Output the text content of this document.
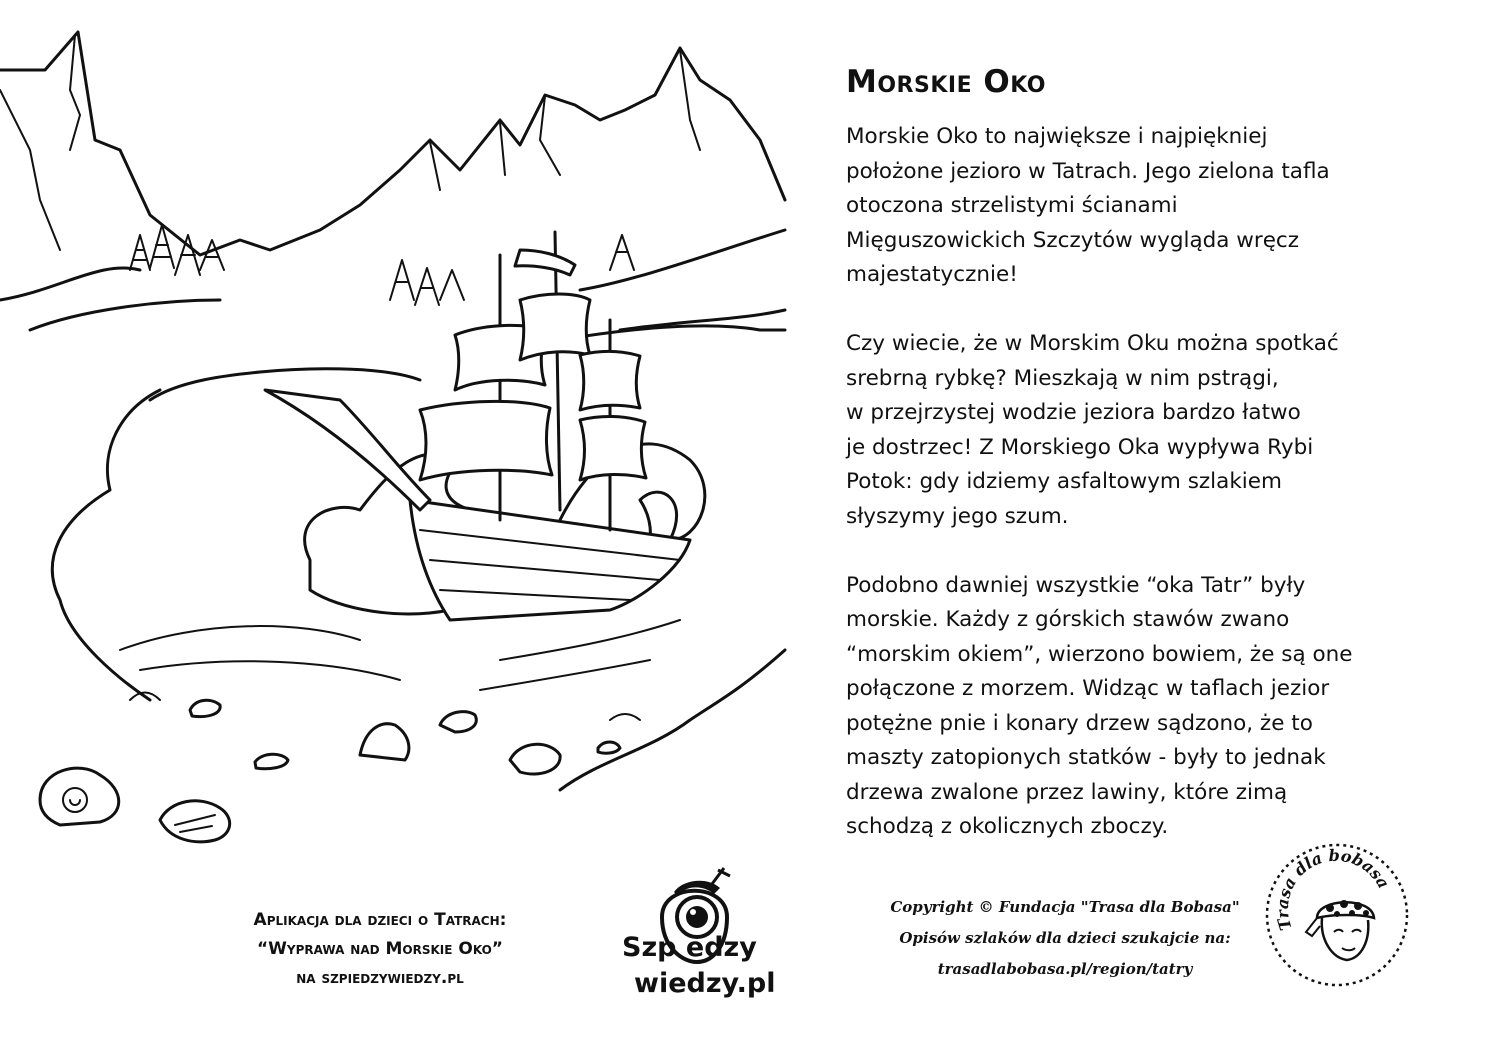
Morskie Oko

Morskie Oko to największe i najpiękniej
położone jezioro w Tatrach. Jego zielona tafla
otoczona strzelistymi ścianami
Mięguszowickich Szczytów wygląda wręcz
majestatycznie!

Czy wiecie, że w Morskim Oku można spotkać
srebrną rybkę? Mieszkają w nim pstrągi,
w przejrzystej wodzie jeziora bardzo łatwo
je dostrzec! Z Morskiego Oka wypływa Rybi
Potok: gdy idziemy asfaltowym szlakiem
słyszymy jego szum.

Podobno dawniej wszystkie “oka Tatr” były
morskie. Każdy z górskich stawów zwano
“morskim okiem”, wierzono bowiem, że są one
połączone z morzem. Widząc w taflach jezior
potężne pnie i konary drzew sądzono, że to
maszty zatopionych statków - były to jednak
drzewa zwalone przez lawiny, które zimą
schodzą z okolicznych zboczy.

Aplikacja dla dzieci o Tatrach:
“Wyprawa nad Morskie Oko”
na szpiedzywiedzy.pl
Szp edzy
wiedzy.pl
Copyright © Fundacja "Trasa dla Bobasa"
Opisów szlaków dla dzieci szukajcie na:
trasadlabobasa.pl/region/tatry
Trasa dla bobasa
